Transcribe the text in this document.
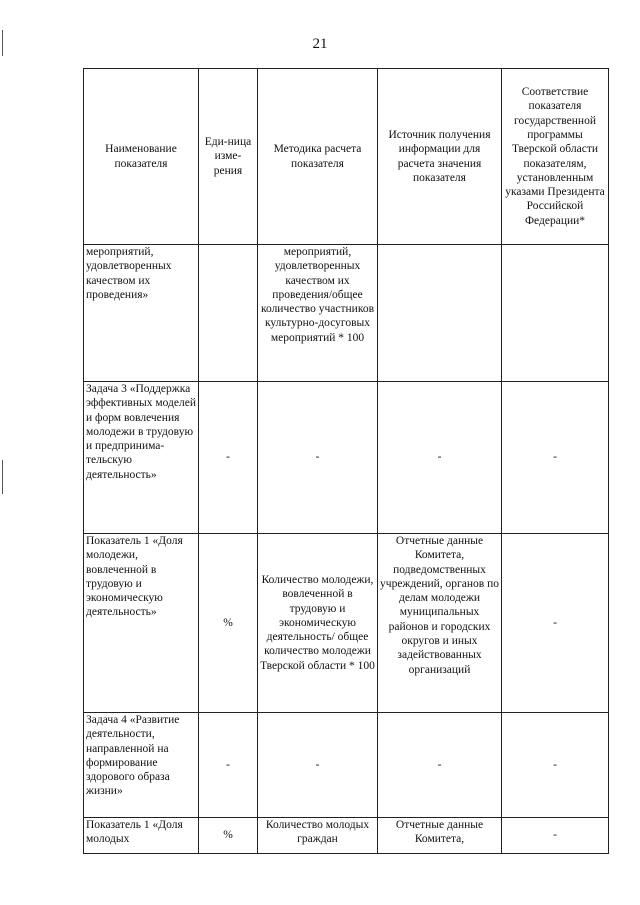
21
Наименование показателя	Еди-ница изме-рения	Методика расчета показателя	Источник получения информации для расчета значения показателя	Соответствие показателя государственной программы Тверской области показателям, установленным указами Президента Российской Федерации*
мероприятий, удовлетворенных качеством их проведения»		мероприятий, удовлетворенных качеством их проведения/общее количество участников культурно-досуговых мероприятий * 100		
Задача 3 «Поддержка эффективных моделей и форм вовлечения молодежи в трудовую и предпринима-тельскую деятельность»	-	-	-	-
Показатель 1 «Доля молодежи, вовлеченной в трудовую и экономическую деятельность»	%	Количество молодежи, вовлеченной в трудовую и экономическую деятельность/ общее количество молодежи Тверской области * 100	Отчетные данные Комитета, подведомственных учреждений, органов по делам молодежи муниципальных районов и городских округов и иных задействованных организаций	-
Задача 4 «Развитие деятельности, направленной на формирование здорового образа жизни»	-	-	-	-
Показатель 1 «Доля молодых	%	Количество молодых граждан	Отчетные данные Комитета,	-
